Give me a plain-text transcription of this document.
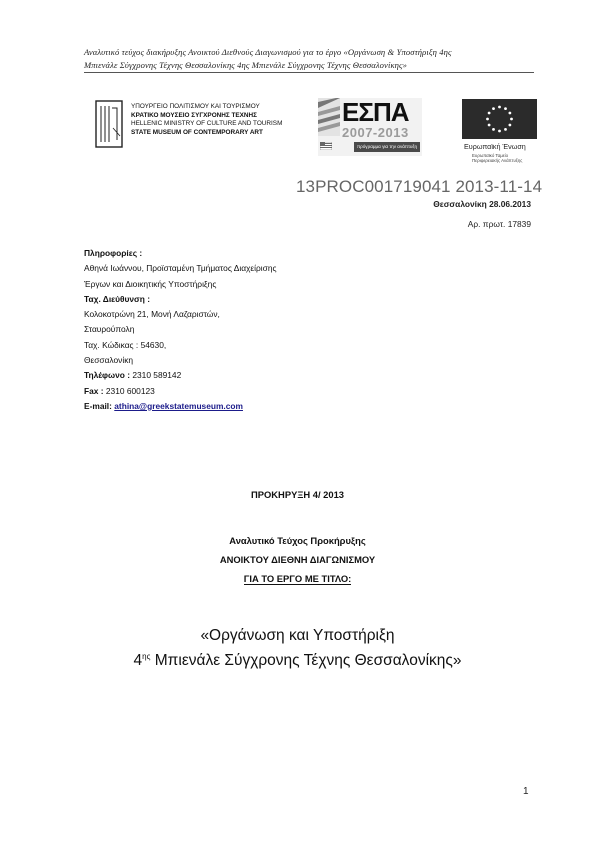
Αναλυτικό τεύχος διακήρυξης Ανοικτού Διεθνούς Διαγωνισμού για το έργο «Οργάνωση & Υποστήριξη 4ης

Μπιενάλε Σύγχρονης Τέχνης Θεσσαλονίκης 4ης Μπιενάλε Σύγχρονης Τέχνης Θεσσαλονίκης»
ΥΠΟΥΡΓΕΙΟ ΠΟΛΙΤΙΣΜΟΥ ΚΑΙ ΤΟΥΡΙΣΜΟΥ
ΚΡΑΤΙΚΟ ΜΟΥΣΕΙΟ ΣΥΓΧΡΟΝΗΣ ΤΕΧΝΗΣ
HELLENIC MINISTRY OF CULTURE AND TOURISM
STATE MUSEUM OF CONTEMPORARY ART
ΕΣΠΑ
2007-2013
πρόγραμμα για την ανάπτυξη	Ευρωπαϊκή Ένωση
Ευρωπαϊκό Ταμείο
Περιφερειακής Ανάπτυξης
13PROC001719041 2013-11-14
Θεσσαλονίκη 28.06.2013
Αρ. πρωτ. 17839
Πληροφορίες :
Αθηνά Ιωάννου, Προϊσταμένη Τμήματος Διαχείρισης
Έργων και Διοικητικής Υποστήριξης
Ταχ. Διεύθυνση :
Κολοκοτρώνη 21, Μονή Λαζαριστών,
Σταυρούπολη
Ταχ. Κώδικας : 54630,
Θεσσαλονίκη
Τηλέφωνο : 2310 589142
Fax : 2310 600123
E-mail: athina@greekstatemuseum.com
ΠΡΟΚΗΡΥΞΗ 4/ 2013
Αναλυτικό Τεύχος Προκήρυξης
ΑΝΟΙΚΤΟΥ ΔΙΕΘΝΗ ΔΙΑΓΩΝΙΣΜΟΥ
ΓΙΑ ΤΟ ΕΡΓΟ ΜΕ ΤΙΤΛΟ:
«Οργάνωση και Υποστήριξη
$4^{\eta\varsigma}$ Μπιενάλε Σύγχρονης Τέχνης Θεσσαλονίκης»
1
